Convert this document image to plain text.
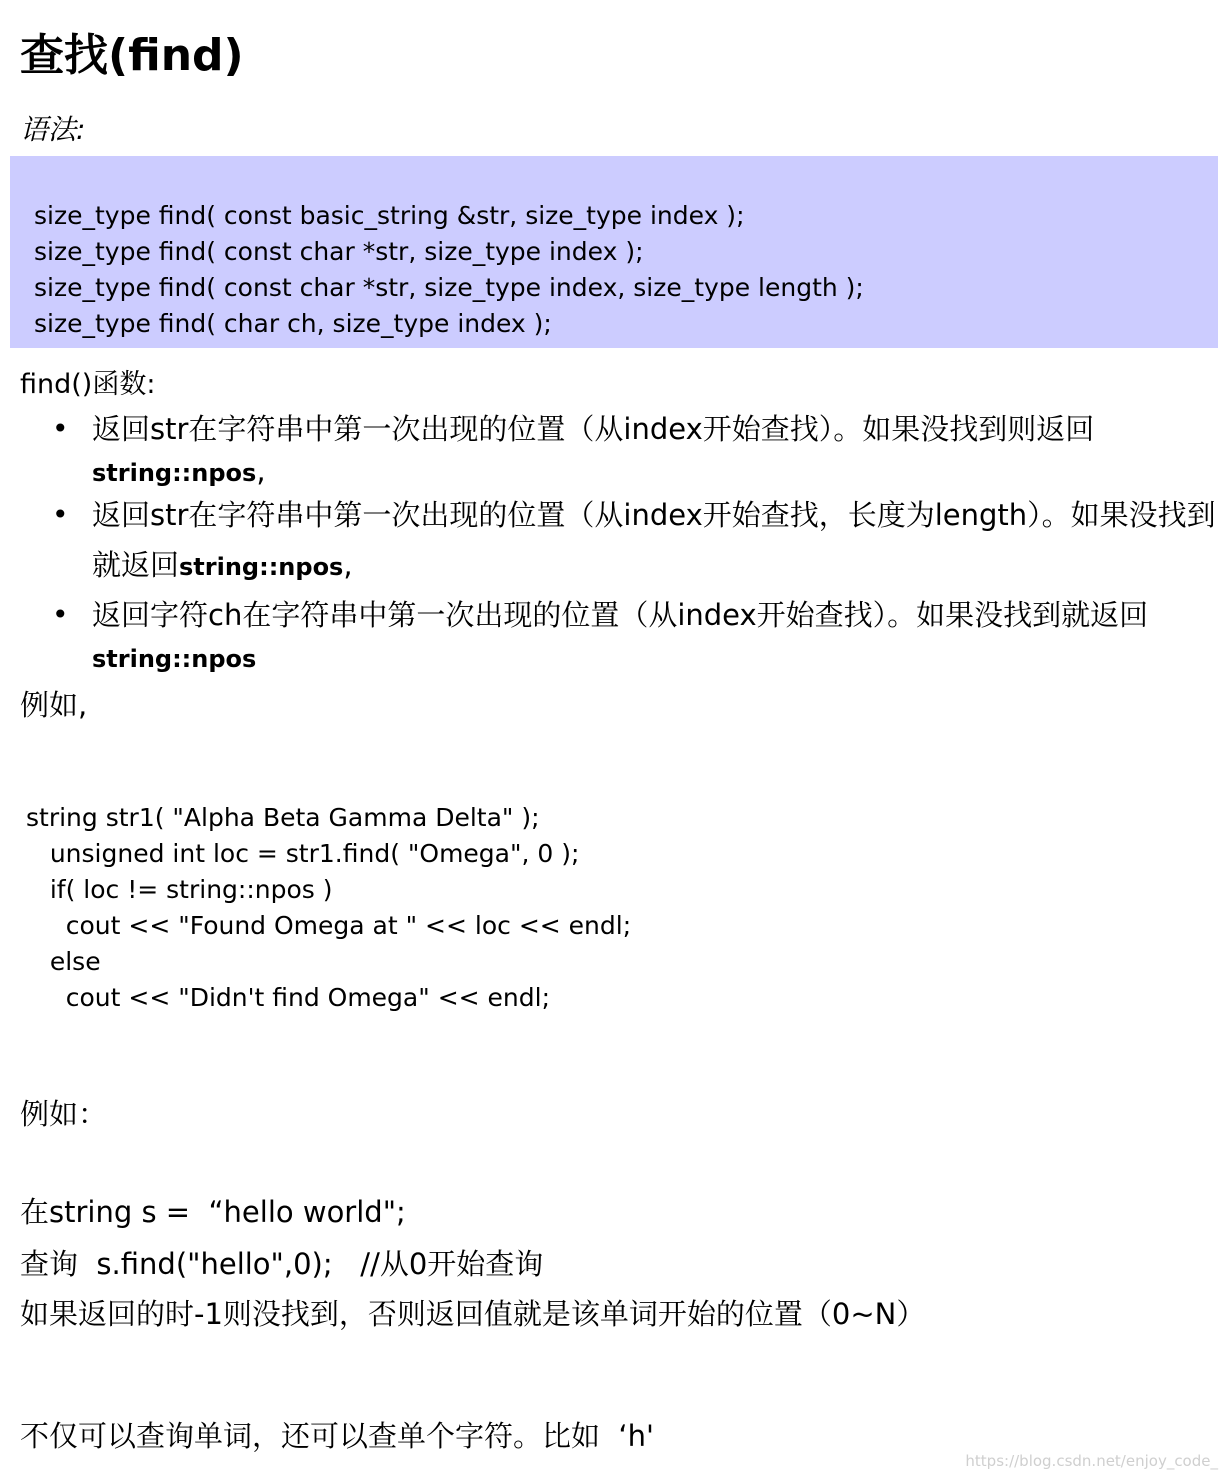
查找(find)
语法:
size_type find( const basic_string &str, size_type index );
size_type find( const char *str, size_type index );
size_type find( const char *str, size_type index, size_type length );
size_type find( char ch, size_type index );
find()函数:
• 返回str在字符串中第一次出现的位置（从index开始查找）。如果没找到则返回
string::npos,
• 返回str在字符串中第一次出现的位置（从index开始查找，长度为length）。如果没找到
就返回string::npos,
• 返回字符ch在字符串中第一次出现的位置（从index开始查找）。如果没找到就返回
string::npos
例如,
string str1( "Alpha Beta Gamma Delta" );
unsigned int loc = str1.find( "Omega", 0 );
if( loc != string::npos )
cout << "Found Omega at " << loc << endl;
else
cout << "Didn't find Omega" << endl;
例如：
在string s =  “hello world";
查询  s.find("hello",0);   //从0开始查询
如果返回的时-1则没找到，否则返回值就是该单词开始的位置（0~N）
不仅可以查询单词，还可以查单个字符。比如  ‘h'
https://blog.csdn.net/enjoy_code_
